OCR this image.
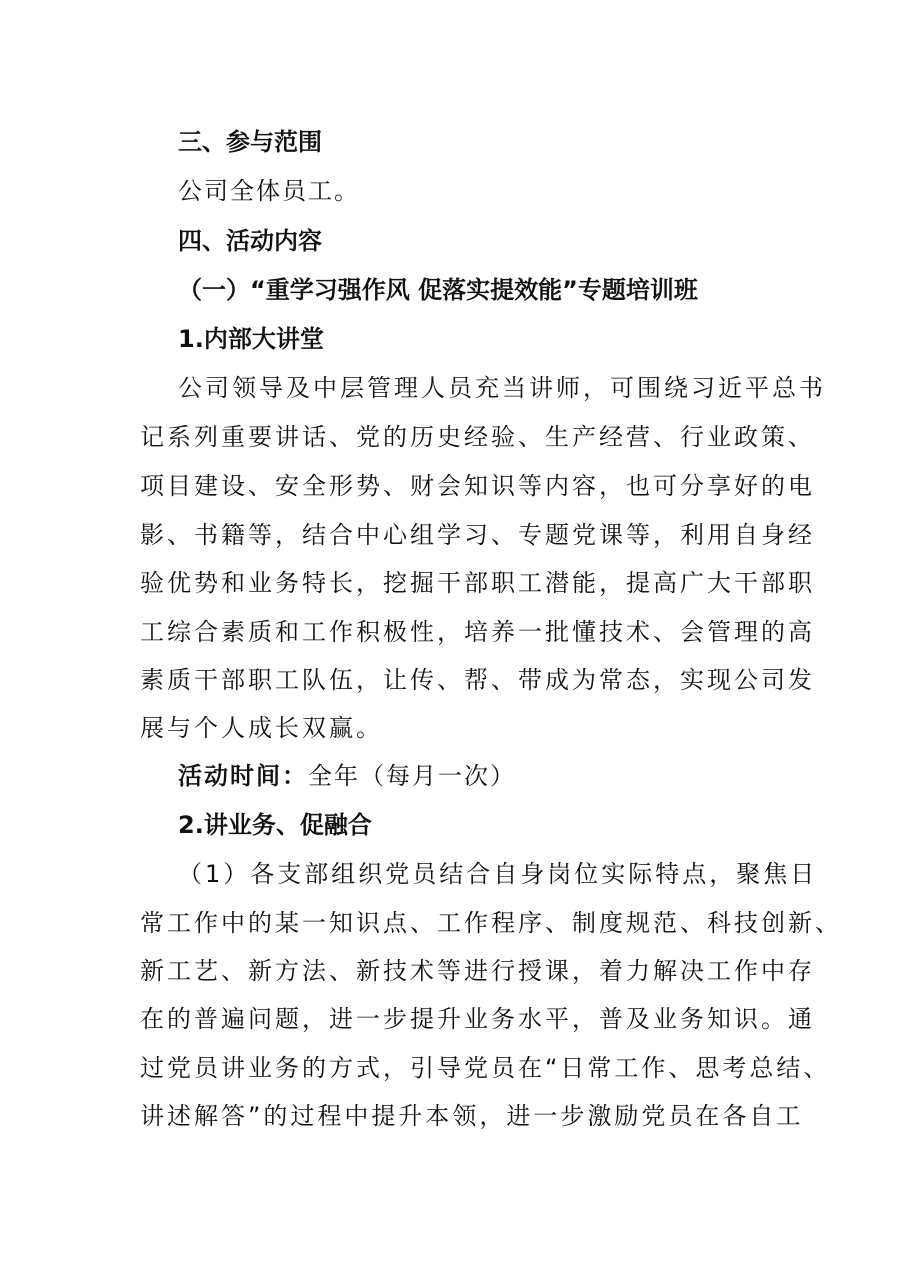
三、参与范围
公司全体员工。
四、活动内容
（一）“重学习强作风 促落实提效能”专题培训班
1.内部大讲堂
公司领导及中层管理人员充当讲师，可围绕习近平总书
记系列重要讲话、党的历史经验、生产经营、行业政策、
项目建设、安全形势、财会知识等内容，也可分享好的电
影、书籍等，结合中心组学习、专题党课等，利用自身经
验优势和业务特长，挖掘干部职工潜能，提高广大干部职
工综合素质和工作积极性，培养一批懂技术、会管理的高
素质干部职工队伍，让传、帮、带成为常态，实现公司发
展与个人成长双赢。
活动时间：全年（每月一次）
2.讲业务、促融合
（1）各支部组织党员结合自身岗位实际特点，聚焦日
常工作中的某一知识点、工作程序、制度规范、科技创新、
新工艺、新方法、新技术等进行授课，着力解决工作中存
在的普遍问题，进一步提升业务水平，普及业务知识。通
过党员讲业务的方式，引导党员在“日常工作、思考总结、
讲述解答”的过程中提升本领，进一步激励党员在各自工
